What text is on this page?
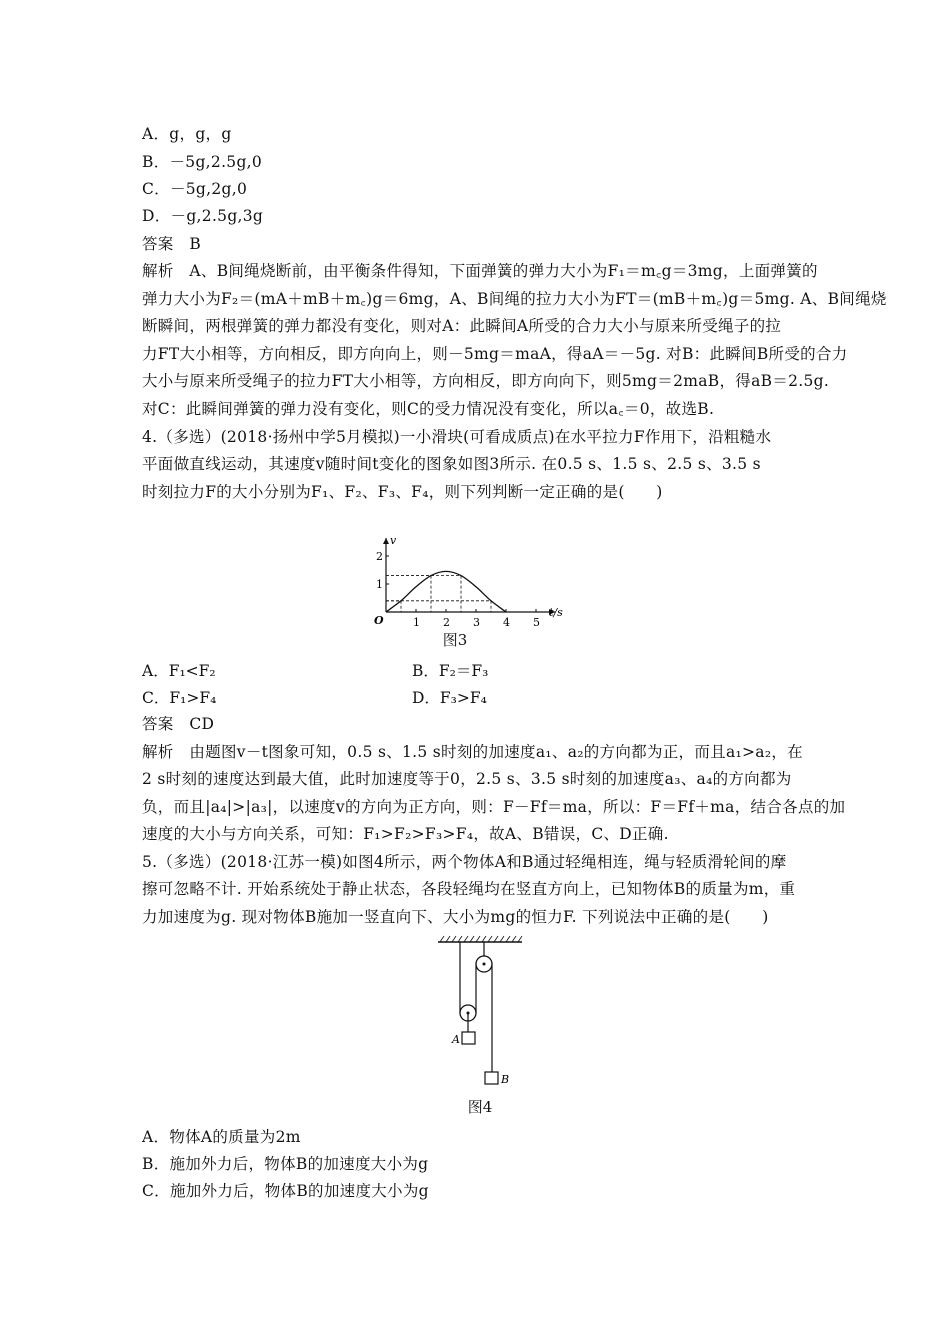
A．g，g，g
B．－5g,2.5g,0
C．－5g,2g,0
D．－g,2.5g,3g
答案　B
解析　A、B间绳烧断前，由平衡条件得知，下面弹簧的弹力大小为F₁＝m꜀g＝3mg，上面弹簧的
弹力大小为F₂＝(mA＋mB＋m꜀)g＝6mg，A、B间绳的拉力大小为FT＝(mB＋m꜀)g＝5mg. A、B间绳烧
断瞬间，两根弹簧的弹力都没有变化，则对A：此瞬间A所受的合力大小与原来所受绳子的拉
力FT大小相等，方向相反，即方向向上，则－5mg＝maA，得aA＝－5g. 对B：此瞬间B所受的合力
大小与原来所受绳子的拉力FT大小相等，方向相反，即方向向下，则5mg＝2maB，得aB＝2.5g.
对C：此瞬间弹簧的弹力没有变化，则C的受力情况没有变化，所以a꜀＝0，故选B.
4.（多选）(2018·扬州中学5月模拟)一小滑块(可看成质点)在水平拉力F作用下，沿粗糙水
平面做直线运动，其速度v随时间t变化的图象如图3所示. 在0.5 s、1.5 s、2.5 s、3.5 s
时刻拉力F的大小分别为F₁、F₂、F₃、F₄，则下列判断一定正确的是(　　)
t/s
v
O	1 2 3 4 5
1
2
图3
A．F₁<F₂	B．F₂＝F₃
C．F₁>F₄	D．F₃>F₄
答案　CD
解析　由题图v－t图象可知，0.5 s、1.5 s时刻的加速度a₁、a₂的方向都为正，而且a₁>a₂，在
2 s时刻的速度达到最大值，此时加速度等于0，2.5 s、3.5 s时刻的加速度a₃、a₄的方向都为
负，而且|a₄|>|a₃|，以速度v的方向为正方向，则：F－Ff＝ma，所以：F＝Ff＋ma，结合各点的加
速度的大小与方向关系，可知：F₁>F₂>F₃>F₄，故A、B错误，C、D正确.
5.（多选）(2018·江苏一模)如图4所示，两个物体A和B通过轻绳相连，绳与轻质滑轮间的摩
擦可忽略不计. 开始系统处于静止状态，各段轻绳均在竖直方向上，已知物体B的质量为m，重
力加速度为g. 现对物体B施加一竖直向下、大小为mg的恒力F. 下列说法中正确的是(　　)
A
B
图4
A．物体A的质量为2m
B．施加外力后，物体B的加速度大小为g
C．施加外力后，物体B的加速度大小为g
